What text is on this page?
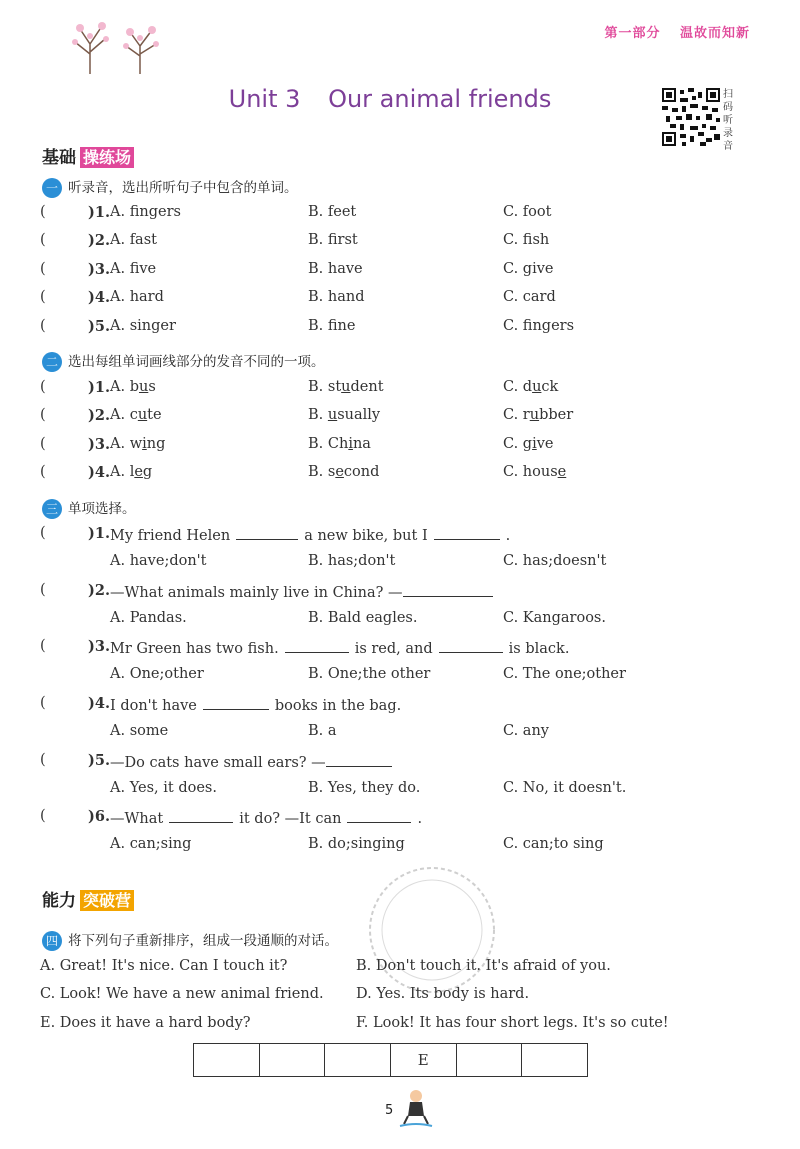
第一部分 温故而知新
Unit 3 Our animal friends	扫码听录音
基础 操练场
一 听录音，选出所听句子中包含的单词。
二 选出每组单词画线部分的发音不同的一项。
三 单项选择。
能力 突破营
四 将下列句子重新排序，组成一段通顺的对话。
A. Great! It's nice. Can I touch it?	B. Don't touch it. It's afraid of you.
C. Look! We have a new animal friend. D. Yes. Its body is hard.
E. Does it have a hard body?	F. Look! It has four short legs. It's so cute!
			E		
5
(	)1. A. fingers	B. feet	C. foot
(	)2. A. fast	B. first	C. fish
(	)3. A. five	B. have	C. give
(	)4. A. hard	B. hand	C. card
(	)5. A. singer	B. fine	C. fingers
(	)1. A. bus	B. student	C. duck
(	)2. A. cute	B. usually	C. rubber
(	)3. A. wing	B. China	C. give
(	)4. A. leg	B. second	C. house
(	)1. My friend Helen	a new bike, but I	.
A. have;don't	B. has;don't	C. has;doesn't
(	)2. —What animals mainly live in China? —
A. Pandas.	B. Bald eagles.	C. Kangaroos.
(	)3. Mr Green has two fish.	is red, and	is black.
A. One;other	B. One;the other	C. The one;other
(	)4. I don't have	books in the bag.
A. some	B. a	C. any
(	)5. —Do cats have small ears? —
A. Yes, it does.	B. Yes, they do.	C. No, it doesn't.
(	)6. —What	it do? —It can	.
A. can;sing	B. do;singing	C. can;to sing
